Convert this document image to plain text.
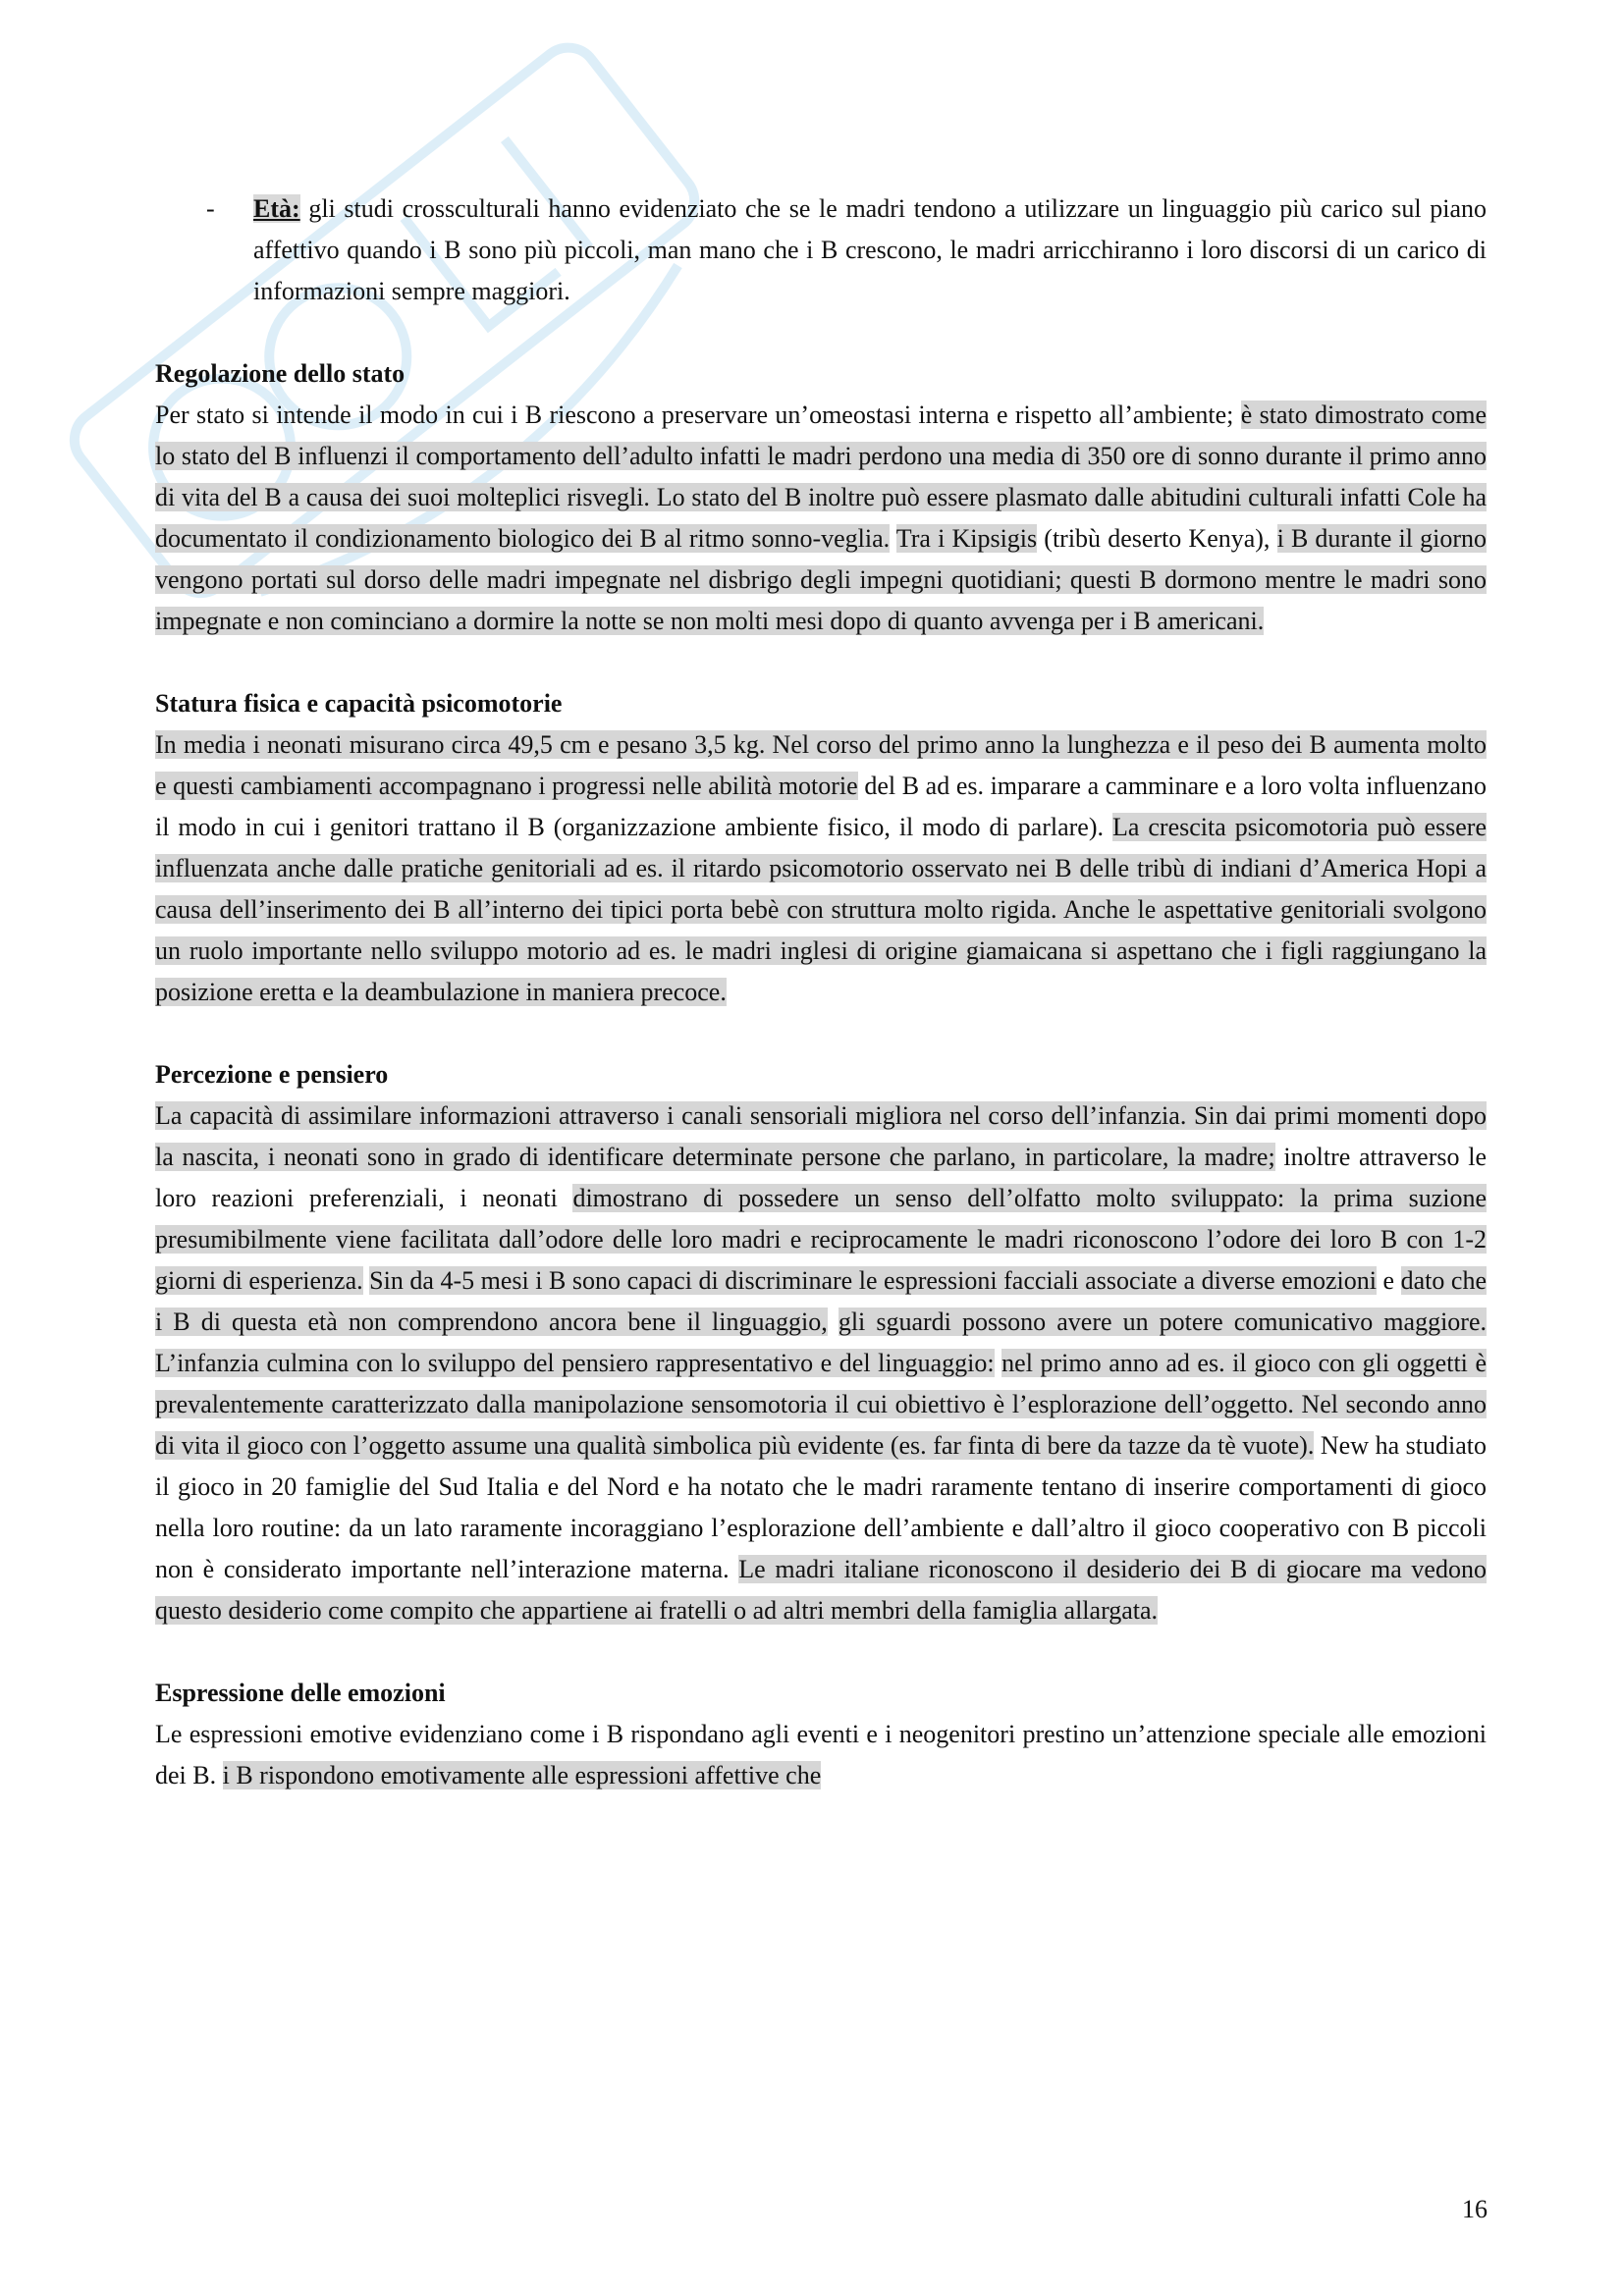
- Età: gli studi crossculturali hanno evidenziato che se le madri tendono a utilizzare un linguaggio più carico sul piano affettivo quando i B sono più piccoli, man mano che i B crescono, le madri arricchiranno i loro discorsi di un carico di informazioni sempre maggiori.
Regolazione dello stato

Per stato si intende il modo in cui i B riescono a preservare un’omeostasi interna e rispetto all’ambiente; è stato dimostrato come lo stato del B influenzi il comportamento dell’adulto infatti le madri perdono una media di 350 ore di sonno durante il primo anno di vita del B a causa dei suoi molteplici risvegli. Lo stato del B inoltre può essere plasmato dalle abitudini culturali infatti Cole ha documentato il condizionamento biologico dei B al ritmo sonno-veglia. Tra i Kipsigis (tribù deserto Kenya), i B durante il giorno vengono portati sul dorso delle madri impegnate nel disbrigo degli impegni quotidiani; questi B dormono mentre le madri sono impegnate e non cominciano a dormire la notte se non molti mesi dopo di quanto avvenga per i B americani.

Statura fisica e capacità psicomotorie

In media i neonati misurano circa 49,5 cm e pesano 3,5 kg. Nel corso del primo anno la lunghezza e il peso dei B aumenta molto e questi cambiamenti accompagnano i progressi nelle abilità motorie del B ad es. imparare a camminare e a loro volta influenzano il modo in cui i genitori trattano il B (organizzazione ambiente fisico, il modo di parlare). La crescita psicomotoria può essere influenzata anche dalle pratiche genitoriali ad es. il ritardo psicomotorio osservato nei B delle tribù di indiani d’America Hopi a causa dell’inserimento dei B all’interno dei tipici porta bebè con struttura molto rigida. Anche le aspettative genitoriali svolgono un ruolo importante nello sviluppo motorio ad es. le madri inglesi di origine giamaicana si aspettano che i figli raggiungano la posizione eretta e la deambulazione in maniera precoce.

Percezione e pensiero

La capacità di assimilare informazioni attraverso i canali sensoriali migliora nel corso dell’infanzia. Sin dai primi momenti dopo la nascita, i neonati sono in grado di identificare determinate persone che parlano, in particolare, la madre; inoltre attraverso le loro reazioni preferenziali, i neonati dimostrano di possedere un senso dell’olfatto molto sviluppato: la prima suzione presumibilmente viene facilitata dall’odore delle loro madri e reciprocamente le madri riconoscono l’odore dei loro B con 1-2 giorni di esperienza. Sin da 4-5 mesi i B sono capaci di discriminare le espressioni facciali associate a diverse emozioni e dato che i B di questa età non comprendono ancora bene il linguaggio, gli sguardi possono avere un potere comunicativo maggiore. L’infanzia culmina con lo sviluppo del pensiero rappresentativo e del linguaggio: nel primo anno ad es. il gioco con gli oggetti è prevalentemente caratterizzato dalla manipolazione sensomotoria il cui obiettivo è l’esplorazione dell’oggetto. Nel secondo anno di vita il gioco con l’oggetto assume una qualità simbolica più evidente (es. far finta di bere da tazze da tè vuote). New ha studiato il gioco in 20 famiglie del Sud Italia e del Nord e ha notato che le madri raramente tentano di inserire comportamenti di gioco nella loro routine: da un lato raramente incoraggiano l’esplorazione dell’ambiente e dall’altro il gioco cooperativo con B piccoli non è considerato importante nell’interazione materna. Le madri italiane riconoscono il desiderio dei B di giocare ma vedono questo desiderio come compito che appartiene ai fratelli o ad altri membri della famiglia allargata.

Espressione delle emozioni

Le espressioni emotive evidenziano come i B rispondano agli eventi e i neogenitori prestino un’attenzione speciale alle emozioni dei B. i B rispondono emotivamente alle espressioni affettive che

16
